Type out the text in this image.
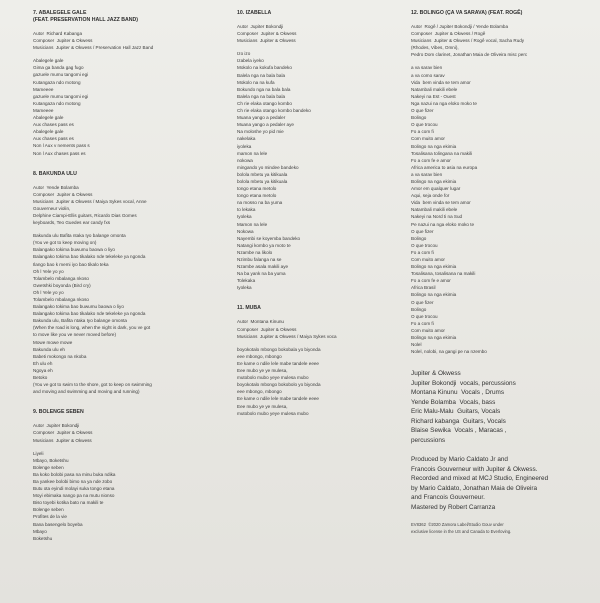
7. ABALEGELE GALE
(FEAT. PRESERVATION HALL JAZZ BAND)
Autor  Richard Kabanga
Composer  Jupiter & Okwess
Musicians  Jupiter & Okwess / Preservation Hall Jazz Band
Abalegele gale
Gima ga banda gag fugo
gazuele mumu tangomi egi
Kutangaza ndo motong
Mameeee
gazuele mumu tangomi egi
Kutangaza ndo motong
Mameeee
Abalegele gale
Aux chases pass es
Abalegele gale
Aux chases pass es
Non l Aux v nements pass s
Non l Aux chases pass es
8. BAKUNDA ULU
Autor  Yende Bolamba
Composer  Jupiter & Okwess
Musicians  Jupiter & Okwess / Maiya Sykes vocal, Anne
Gouverneur violin,
Delphine Ciampi-Ellis guitars, Ricardo Dias Gomes
keyboards, Teo Guedes ear candy fxs
Bakunda ulu Bafita ntaka Iyo balange omonta
(You ve got to keep moving on)
Balangako tokima buwumu baowa o liyo
Balangako tokima bao tikalako nde tekeleke ya ngonda
Ilango bao k memi iyo bao tikalo teka
Oh l Yele yo yo
Tolambelo mbalanga nkoso
Gwetshki boyonda (Bird cry)
Oh l Yele yo yo
Tolambelo mbalanga nkoso
Balangako tokima bao buwumu baowa o liyo
Balangako tokima bao tikalako nde tekeleke ya ngonda
Bakunda ulu, Bafita ntaka Iyo balange omonta
(When the road is long, when the night is dark, you ve got
to move like you ve never moved before)
Mowe mowe mowe
Bakunda ulu eh
Babeti mokongo na nkoba
Eh ulu eh
Ngoya eh
Betoko
(You ve got to swim to the shore, got to keep on swimming
and moving and swimming and moving and running)
9. BOLENGE SEBEN
Autor  Jupiter Bokondji
Composer  Jupiter & Okwess
Musicians  Jupiter & Okwess
Liyeli
Mbayo, Boketshu
Bolenge seben
Ba koko bolobi pasa na minu buka ndika
Ba yankee bolobi bimo na ya nde zobo
Butu ota eyindi molayi suka tongo etana
Moyi ebimaka nango pa na mutu nionso
Biso toyebi kotika bato na makili te
Bolenge seben
Profites de la vie
Bana basengelo boyeba
Mbayo
Boketshu
10. IZABELLA
Autor  Jupiter Bokondji
Composer  Jupiter & Okwess
Musicians  Jupiter & Okwess
Izo izo
Izabela iyeko
Mokolo na kokufa bandeko
Balela nga na bala bala
Mokolo na na kufa
Bokundo nga na bala bala
Balela nga na bala bala
Ch rie elaka otango kombo
Ch rie elaka otango kombo bandeko
Muana yango a pedaler
Muana yango a pedaler aye
Na moloshe yo pid mie
nakelaka
iyoleka
mamon na lele
nokowa
mingando yo mindee bandeko
bolola mbetu ya kitikuala
bolola mbetu ya kitikuala
tongo etana metolo
tongo etana metolo
na mosso na ba yuma
to lekaka
Iyoleka
Mamon na lele
Nokowa
Nayembi se koyemba bandeko
Natangi kombo ya moto te
Nzambe na likolo
Nzimbu falanga na se
Nzambe asala makili aye
Na ba yank na ba yuma
Tolekaka
Iyoleka
11. MUBA
Autor  Montana Kinunu
Composer  Jupiter & Okwess
Musicians  Jupiter & Okwess / Maiya Sykes voca
boyokotalo mbongo bokobala yo biyonda
eee mbongo, mbongo
Ee kame o ndile lele mabe tandele eeee
Eee mubo ye ye mulesa,
mutobolo mubo yeye mulesa mubo
boyokotalo mbongo bokobolo yo biyonda
eee mbongo, mbongo
Ee kame o ndile lele mabe tandele eeee
Eee mubo ye ye mulesa,
mutobolo mubo yeye mulesa mubo
12. BOLINGO (ÇA VA SARAVA) (FEAT. ROGÊ)
Autor  Rogê / Jupiter Bokondji / Yende Bolamba
Composer  Jupiter & Okwess / Rogê
Musicians  Jupiter & Okwess / Rogê vocal, Sacha Rudy
(Rhodes, Vibes, Omni),
Pedro Dom clarinet, Jonathan Maia de Oliveira misc perc
a va sarav bien
a va como sarav
Vida  bem vinda se tem amor
Natambali makili ebele
Nakeyi na Est - Ouest
Nga nazui na nga eloko moko te
O que fizer
Bolingo
O que trocou
Fo a com fi
Com muito amor
Bolingo na nga ekimia
Tosalisana tolingana na makili
Fo a com fe e amor
Africa america to asia na europa
a va sarav bien
Bolingo na nga ekimia
Amor em qualquer lugar
Aqui, seja onde for
Vida  bem vinda se tem amor
Natambali makili ebele
Nakeyi na Nord ti na Sud
Pe nazui na nga eloko moko te
O que fizer
Bolingo
O que trocou
Fo a com fi
Com muito amor
Bolingo na nga ekimia
Tosalisana, tosalisana na makili
Fo a com fe e amor
Africa Brasil
Bolingo na nga ekimia
O que fizer
Bolingo
O que trocou
Fo a com fi
Com muito amor
Bolingo na nga ekimia
Nolel
Nolel, nolobi, na gangi pe na nzembo
Jupiter & Okwess
Jupiter Bokondji  vocals, percussions
Montana Kinunu  Vocals , Drums
Yende Bolamba  Vocals, bass
Eric Malu-Malu  Guitars, Vocals
Richard kabanga  Guitars, Vocals
Blaise Sewika  Vocals , Maracas ,
percussions
Produced by Mario Caldato Jr and
Francois Gouverneur with Jupiter & Okwess.
Recorded and mixed at MCJ Studio, Engineered
by Mario Caldato, Jonathan Maia de Oliveira
and Francois Gouverneur.
Mastered by Robert Carranza
EV8362  ©2020 Zamora Label/Studio Gouv under
exclusive license in the US and Canada to Everloving.
